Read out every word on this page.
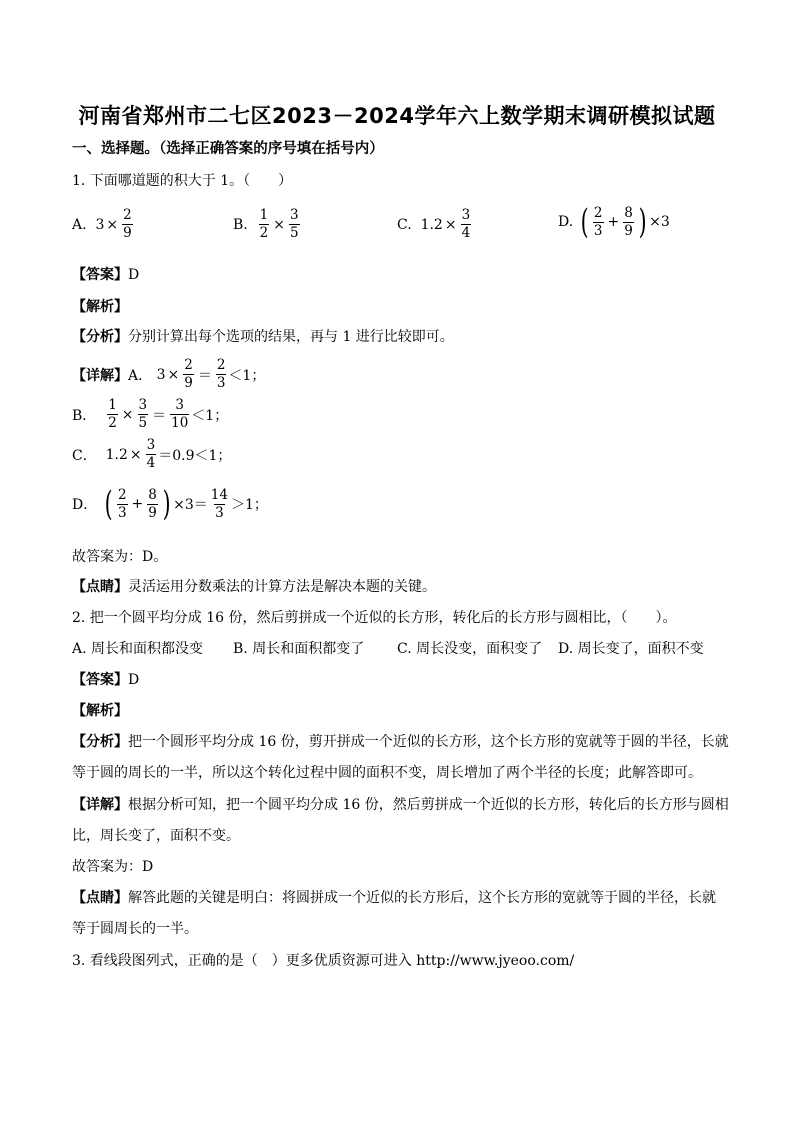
河南省郑州市二七区2023－2024学年六上数学期末调研模拟试题
一、选择题。（选择正确答案的序号填在括号内）
1. 下面哪道题的积大于 1。（　　）
A.
$3 \times \frac{2}{9}$	B.
$\frac{1}{2} \times \frac{3}{5}$	C.
$1.2 \times \frac{3}{4}$	D.
( $\frac{2}{3} + \frac{8}{9}$ ) ×3
【答案】D
【解析】
【分析】分别计算出每个选项的结果，再与 1 进行比较即可。
【详解】 A．
$3 \times \frac{2}{9} = \frac{2}{3} <1$；
B．
$\frac{1}{2} \times \frac{3}{5} = \frac{3}{10} <1$；
C．
$1.2 \times \frac{3}{4} =0.9<1$；
D．
( $\frac{2}{3} + \frac{8}{9}$ ) $\times 3= \frac{14}{3} >1$；
故答案为：D。
【点睛】灵活运用分数乘法的计算方法是解决本题的关键。
2. 把一个圆平均分成 16 份，然后剪拼成一个近似的长方形，转化后的长方形与圆相比，（　　）。
A. 周长和面积都没变 B. 周长和面积都变了 C. 周长没变，面积变了 D. 周长变了，面积不变
【答案】D
【解析】
【分析】把一个圆形平均分成 16 份，剪开拼成一个近似的长方形，这个长方形的宽就等于圆的半径，长就
等于圆的周长的一半，所以这个转化过程中圆的面积不变，周长增加了两个半径的长度；此解答即可。
【详解】根据分析可知，把一个圆平均分成 16 份，然后剪拼成一个近似的长方形，转化后的长方形与圆相
比，周长变了，面积不变。
故答案为：D
【点睛】解答此题的关键是明白：将圆拼成一个近似的长方形后，这个长方形的宽就等于圆的半径，长就
等于圆周长的一半。
3. 看线段图列式，正确的是（　）更多优质资源可进入 http://www.jyeoo.com/
